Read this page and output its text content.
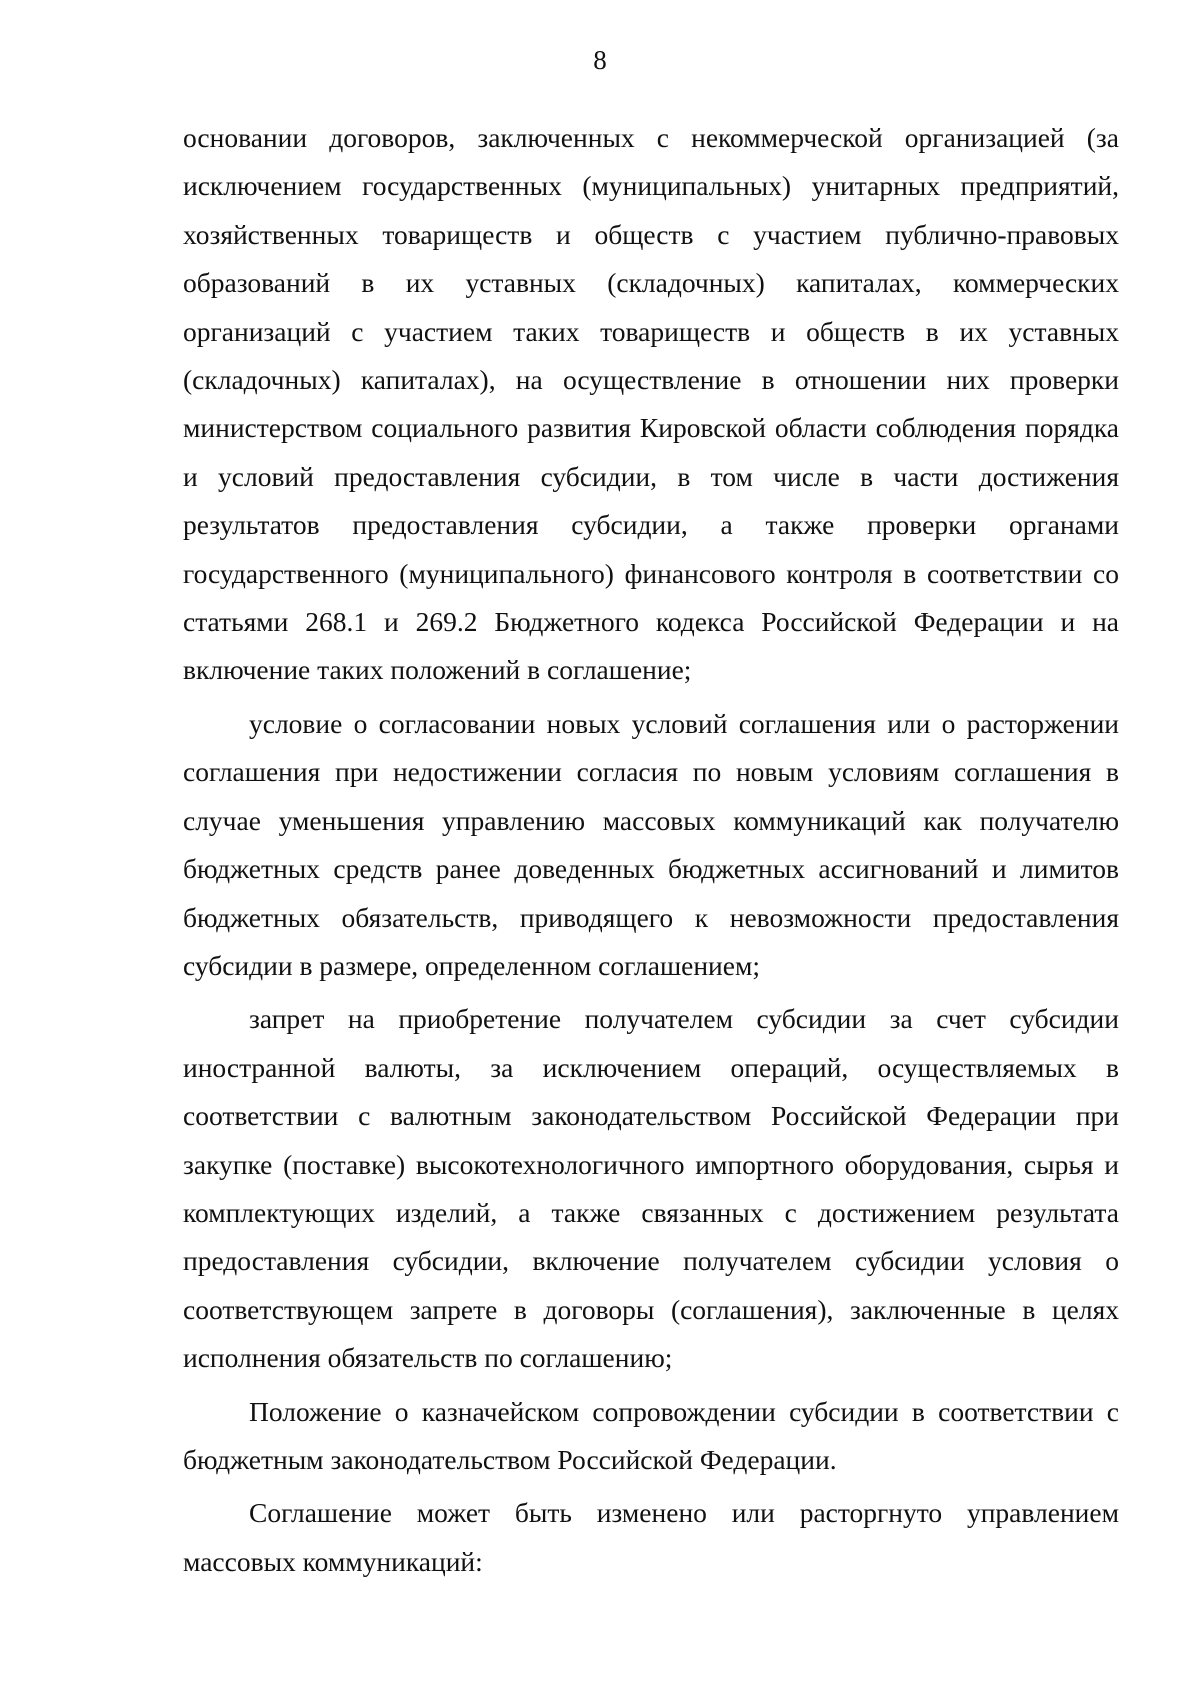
8

основании договоров, заключенных с некоммерческой организацией (за исключением государственных (муниципальных) унитарных предприятий, хозяйственных товариществ и обществ с участием публично-правовых образований в их уставных (складочных) капиталах, коммерческих организаций с участием таких товариществ и обществ в их уставных (складочных) капиталах), на осуществление в отношении них проверки министерством социального развития Кировской области соблюдения порядка и условий предоставления субсидии, в том числе в части достижения результатов предоставления субсидии, а также проверки органами государственного (муниципального) финансового контроля в соответствии со статьями 268.1 и 269.2 Бюджетного кодекса Российской Федерации и на включение таких положений в соглашение;

условие о согласовании новых условий соглашения или о расторжении соглашения при недостижении согласия по новым условиям соглашения в случае уменьшения управлению массовых коммуникаций как получателю бюджетных средств ранее доведенных бюджетных ассигнований и лимитов бюджетных обязательств, приводящего к невозможности предоставления субсидии в размере, определенном соглашением;

запрет на приобретение получателем субсидии за счет субсидии иностранной валюты, за исключением операций, осуществляемых в соответствии с валютным законодательством Российской Федерации при закупке (поставке) высокотехнологичного импортного оборудования, сырья и комплектующих изделий, а также связанных с достижением результата предоставления субсидии, включение получателем субсидии условия о соответствующем запрете в договоры (соглашения), заключенные в целях исполнения обязательств по соглашению;

Положение о казначейском сопровождении субсидии в соответствии с бюджетным законодательством Российской Федерации.

Соглашение может быть изменено или расторгнуто управлением массовых коммуникаций:
